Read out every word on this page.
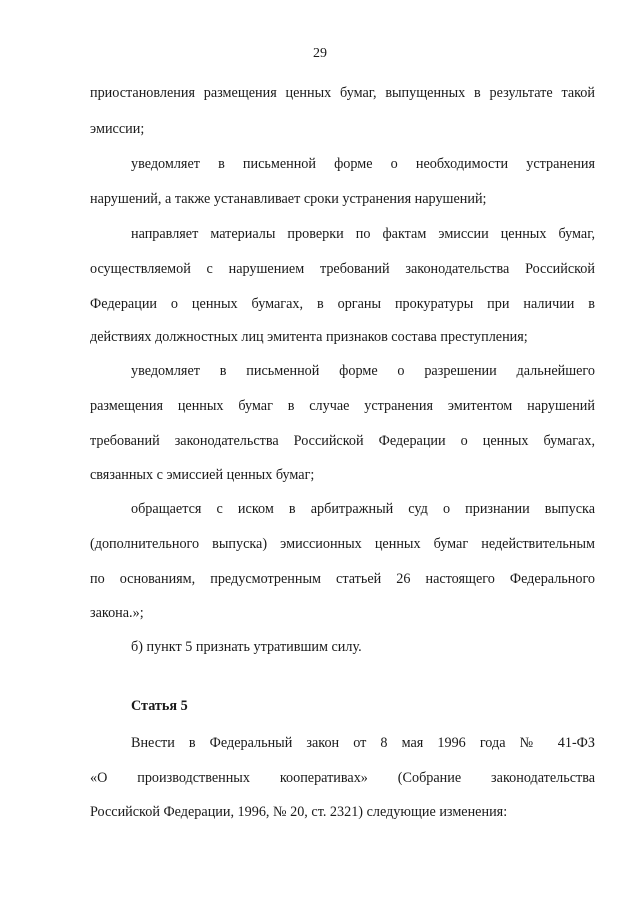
29
приостановления размещения ценных бумаг, выпущенных в результате такой
эмиссии;
уведомляет в письменной форме о необходимости устранения
нарушений, а также устанавливает сроки устранения нарушений;
направляет материалы проверки по фактам эмиссии ценных бумаг,
осуществляемой с нарушением требований законодательства Российской
Федерации о ценных бумагах, в органы прокуратуры при наличии в
действиях должностных лиц эмитента признаков состава преступления;
уведомляет в письменной форме о разрешении дальнейшего
размещения ценных бумаг в случае устранения эмитентом нарушений
требований законодательства Российской Федерации о ценных бумагах,
связанных с эмиссией ценных бумаг;
обращается с иском в арбитражный суд о признании выпуска
(дополнительного выпуска) эмиссионных ценных бумаг недействительным
по основаниям, предусмотренным статьей 26 настоящего Федерального
закона.»;
б) пункт 5 признать утратившим силу.
Статья 5
Внести в Федеральный закон от 8 мая 1996 года № 41-ФЗ
«О производственных кооперативах» (Собрание законодательства
Российской Федерации, 1996, № 20, ст. 2321) следующие изменения:
